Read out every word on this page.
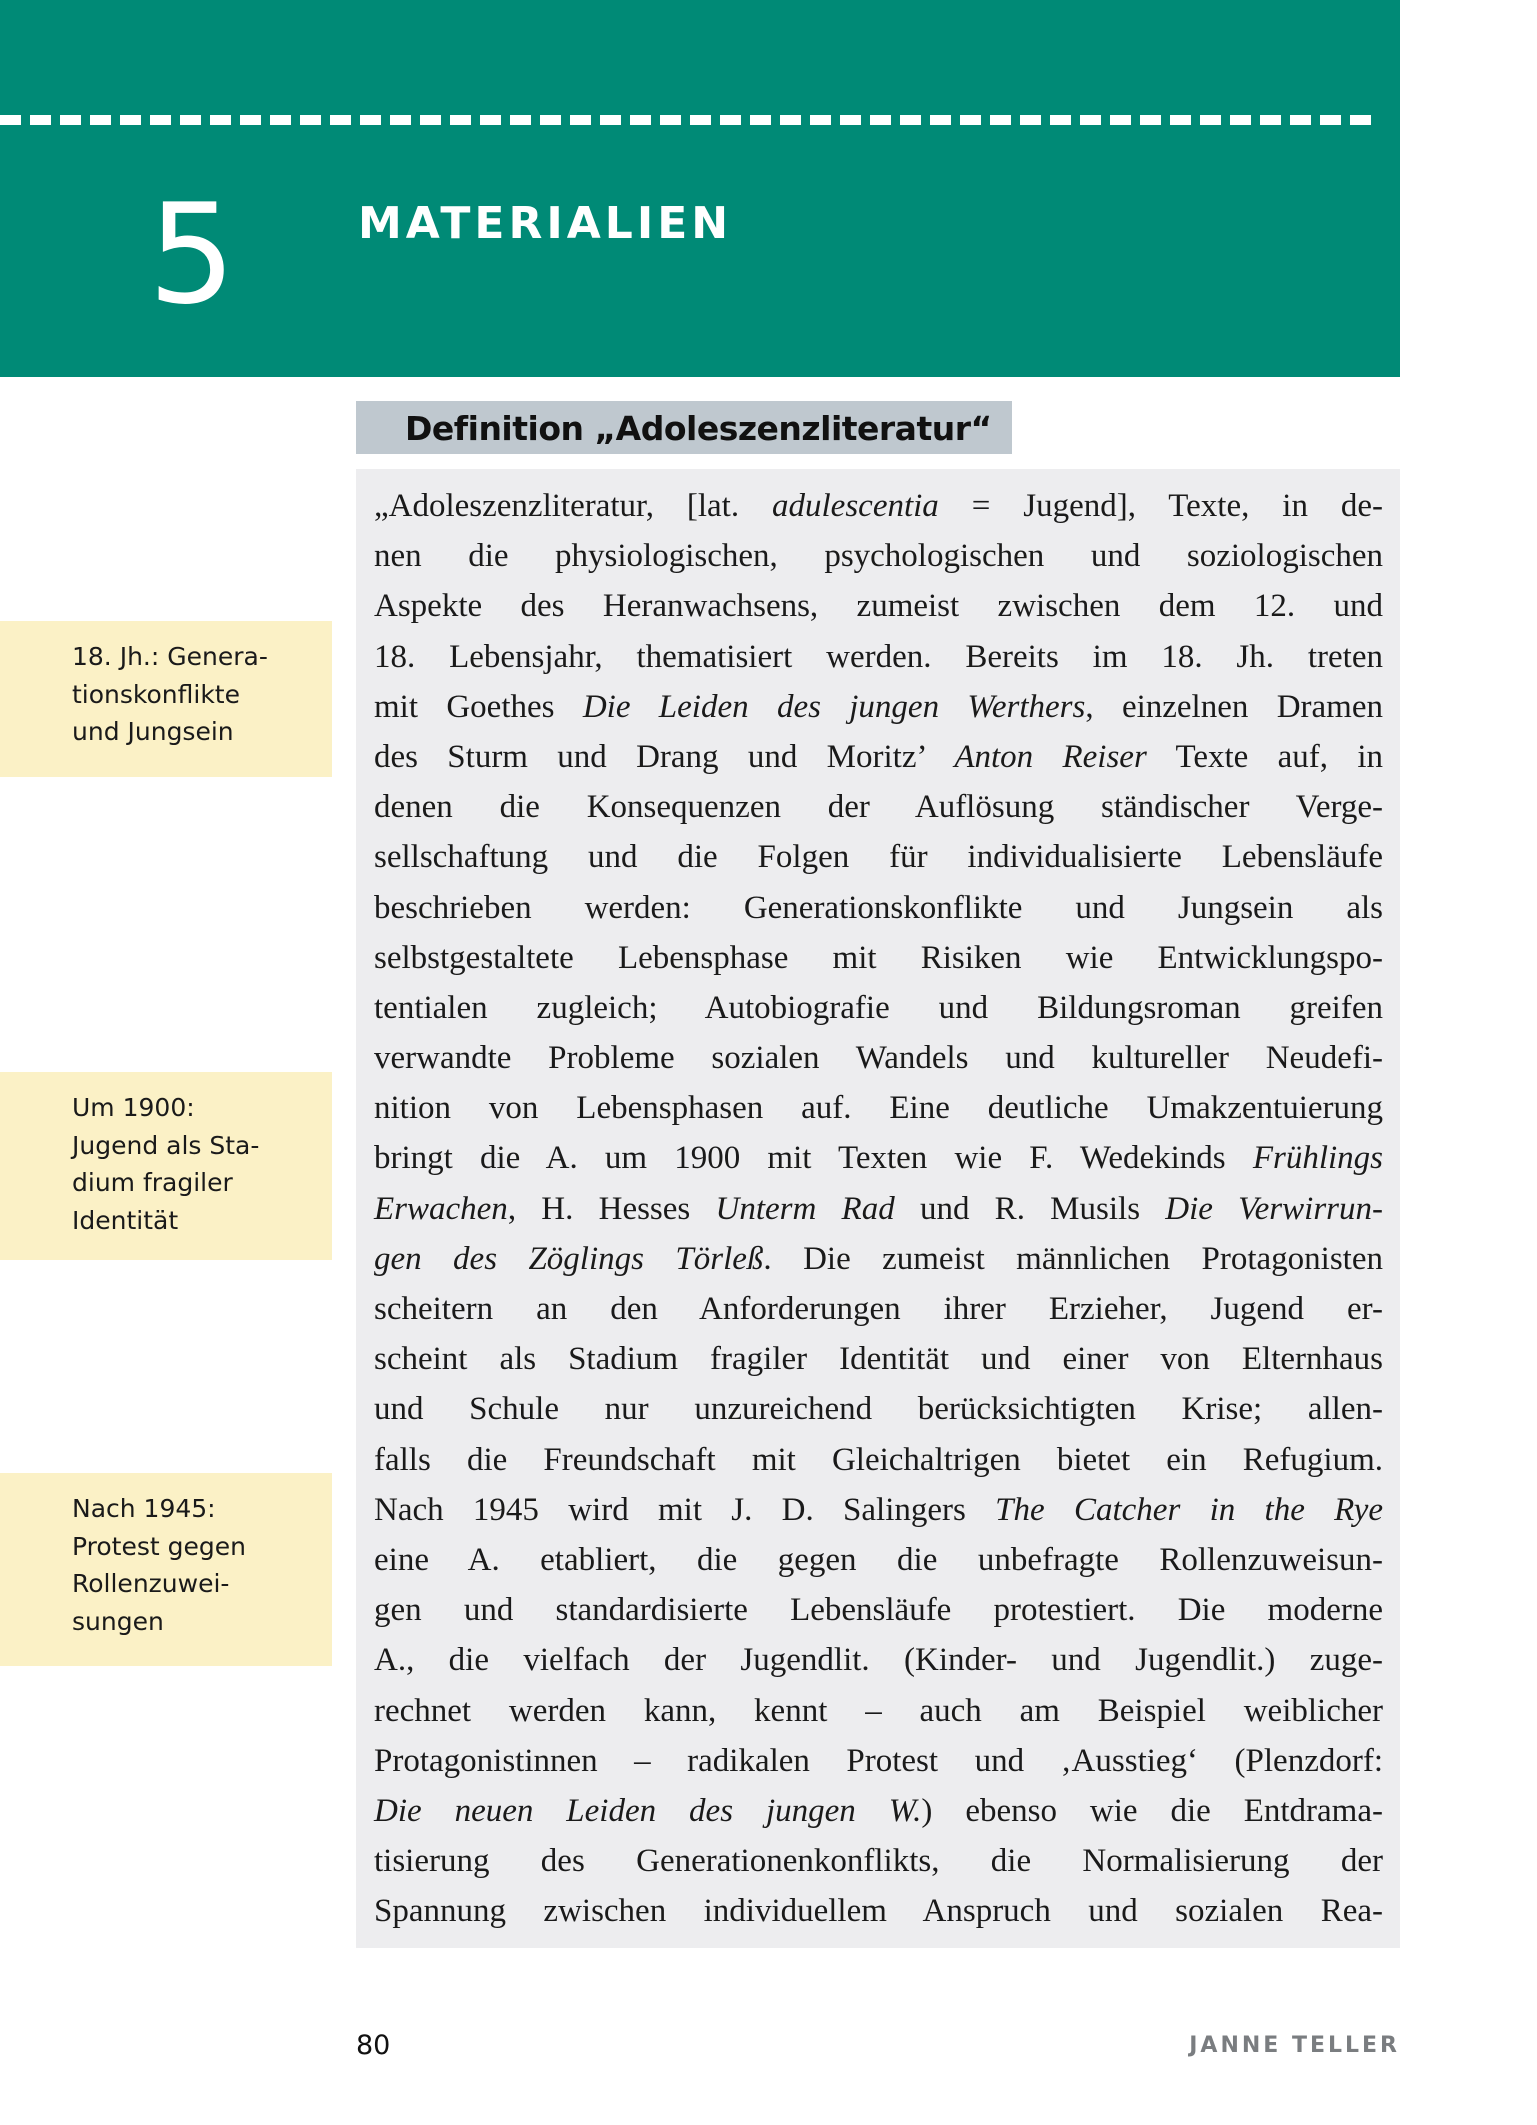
5	MATERIALIEN
Definition „Adoleszenzliteratur“
„Adoleszenzliteratur, [lat. adulescentia = Jugend], Texte, in de-
nen die physiologischen, psychologischen und soziologischen
Aspekte des Heranwachsens, zumeist zwischen dem 12. und
18. Lebensjahr, thematisiert werden. Bereits im 18. Jh. treten
mit Goethes Die Leiden des jungen Werthers, einzelnen Dramen
des Sturm und Drang und Moritz’ Anton Reiser Texte auf, in
denen die Konsequenzen der Auflösung ständischer Verge-
sellschaftung und die Folgen für individualisierte Lebensläufe
beschrieben werden: Generationskonflikte und Jungsein als
selbstgestaltete Lebensphase mit Risiken wie Entwicklungspo-
tentialen zugleich; Autobiografie und Bildungsroman greifen
verwandte Probleme sozialen Wandels und kultureller Neudefi-
nition von Lebensphasen auf. Eine deutliche Umakzentuierung
bringt die A. um 1900 mit Texten wie F. Wedekinds Frühlings
Erwachen, H. Hesses Unterm Rad und R. Musils Die Verwirrun-
gen des Zöglings Törleß. Die zumeist männlichen Protagonisten
scheitern an den Anforderungen ihrer Erzieher, Jugend er-
scheint als Stadium fragiler Identität und einer von Elternhaus
und Schule nur unzureichend berücksichtigten Krise; allen-
falls die Freundschaft mit Gleichaltrigen bietet ein Refugium.
Nach 1945 wird mit J. D. Salingers The Catcher in the Rye
eine A. etabliert, die gegen die unbefragte Rollenzuweisun-
gen und standardisierte Lebensläufe protestiert. Die moderne
A., die vielfach der Jugendlit. (Kinder- und Jugendlit.) zuge-
rechnet werden kann, kennt – auch am Beispiel weiblicher
Protagonistinnen – radikalen Protest und ‚Ausstieg‘ (Plenzdorf:
Die neuen Leiden des jungen W.) ebenso wie die Entdrama-
tisierung des Generationenkonflikts, die Normalisierung der
Spannung zwischen individuellem Anspruch und sozialen Rea-
18. Jh.: Genera-
tionskonflikte
und Jungsein
Um 1900:
Jugend als Sta-
dium fragiler
Identität
Nach 1945:
Protest gegen
Rollenzuwei-
sungen
80	JANNE TELLER
